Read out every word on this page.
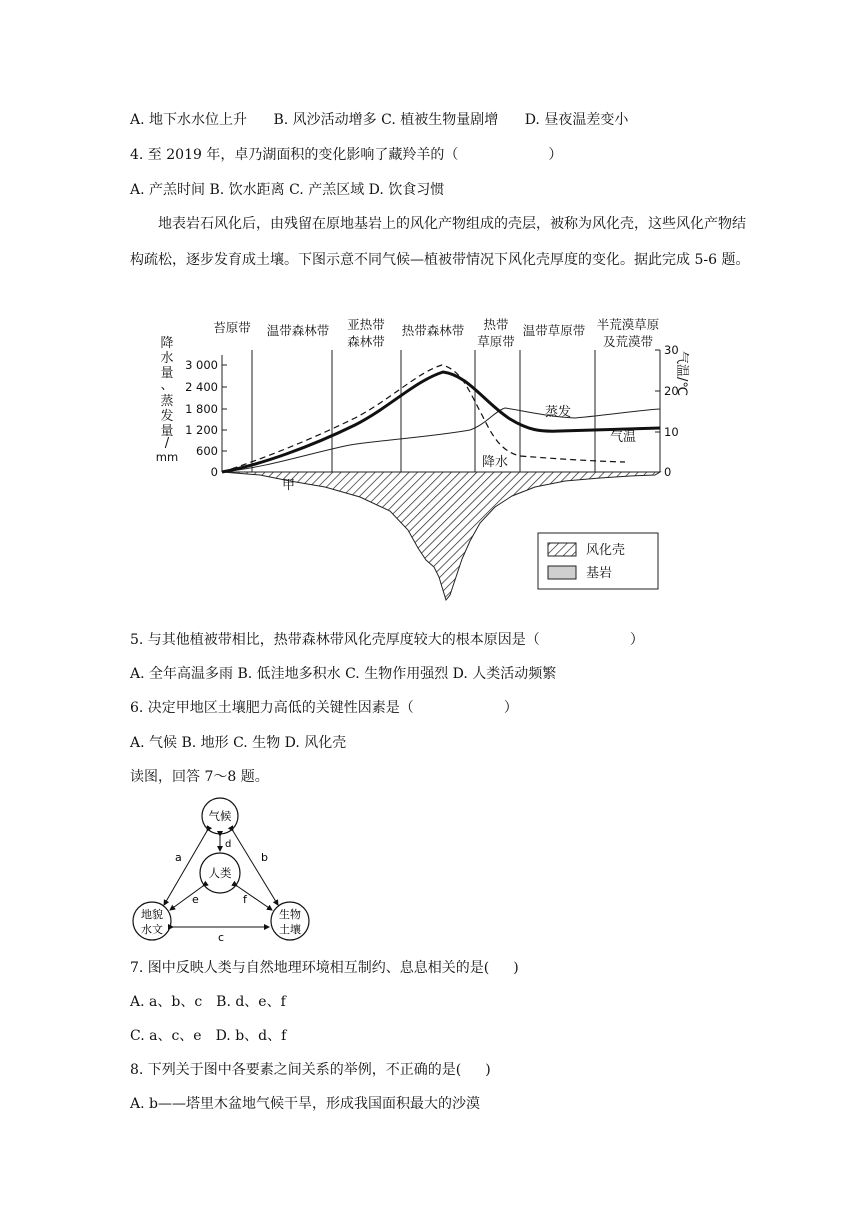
A. 地下水水位上升 B. 风沙活动增多 C. 植被生物量剧增 D. 昼夜温差变小
4. 至 2019 年，卓乃湖面积的变化影响了藏羚羊的（	）
A. 产羔时间 B. 饮水距离 C. 产羔区域 D. 饮食习惯
地表岩石风化后，由残留在原地基岩上的风化产物组成的壳层，被称为风化壳，这些风化产物结构疏松，逐步发育成土壤。下图示意不同气候—植被带情况下风化壳厚度的变化。据此完成 5-6 题。
苔原带 温带森林带 亚热带
森林带
热带森林带 热带
草原带
温带草原带 半荒漠草原
及荒漠带
3 000
2 400
1 800
1 200
600
0
30
20
10
0
降
水
量
、
蒸
发
量
/
mm
气温/℃
蒸发
气温
降水
甲
风化壳
基岩
5. 与其他植被带相比，热带森林带风化壳厚度较大的根本原因是（	）
A. 全年高温多雨 B. 低洼地多积水 C. 生物作用强烈 D. 人类活动频繁
6. 决定甲地区土壤肥力高低的关键性因素是（	）
A. 气候 B. 地形 C. 生物 D. 风化壳
读图，回答 7～8 题。
气候
人类
地貌
水文
生物
土壤
a	b
c
d
e	f
7. 图中反映人类与自然地理环境相互制约、息息相关的是( )
A. a、b、c　B. d、e、f
C. a、c、e　D. b、d、f
8. 下列关于图中各要素之间关系的举例，不正确的是( )
A. b——塔里木盆地气候干旱，形成我国面积最大的沙漠
